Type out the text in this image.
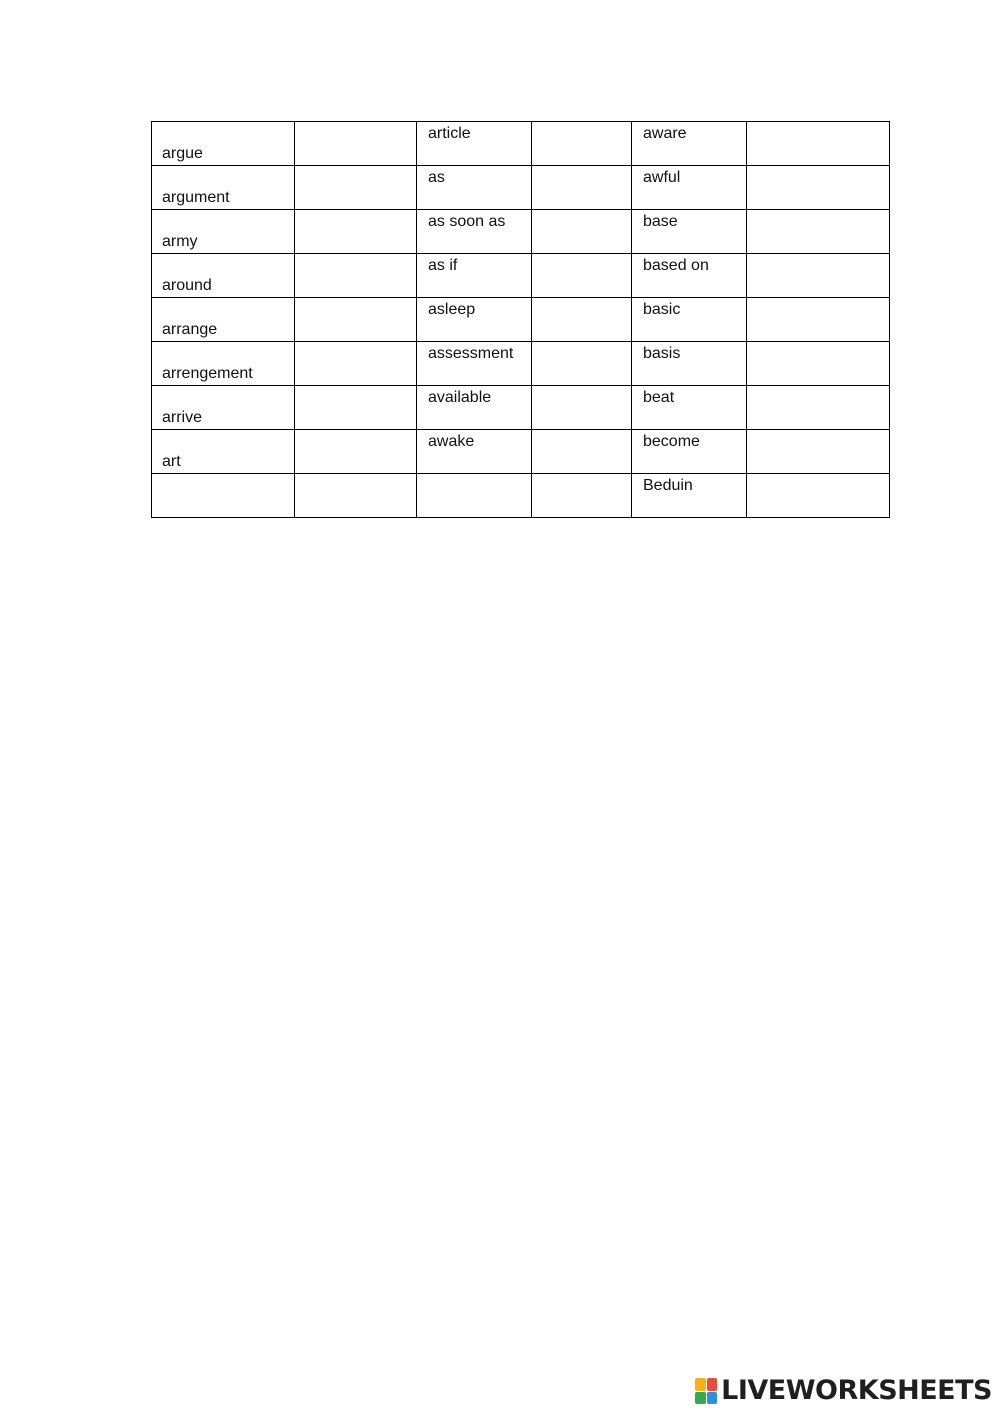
argue		article		aware	

argument		as		awful	

army		as soon as		base	

around		as if		based on	

arrange		asleep		basic	

arrengement		assessment		basis	

arrive		available		beat	

art		awake		become	

				Beduin	

LIVEWORKSHEETS
